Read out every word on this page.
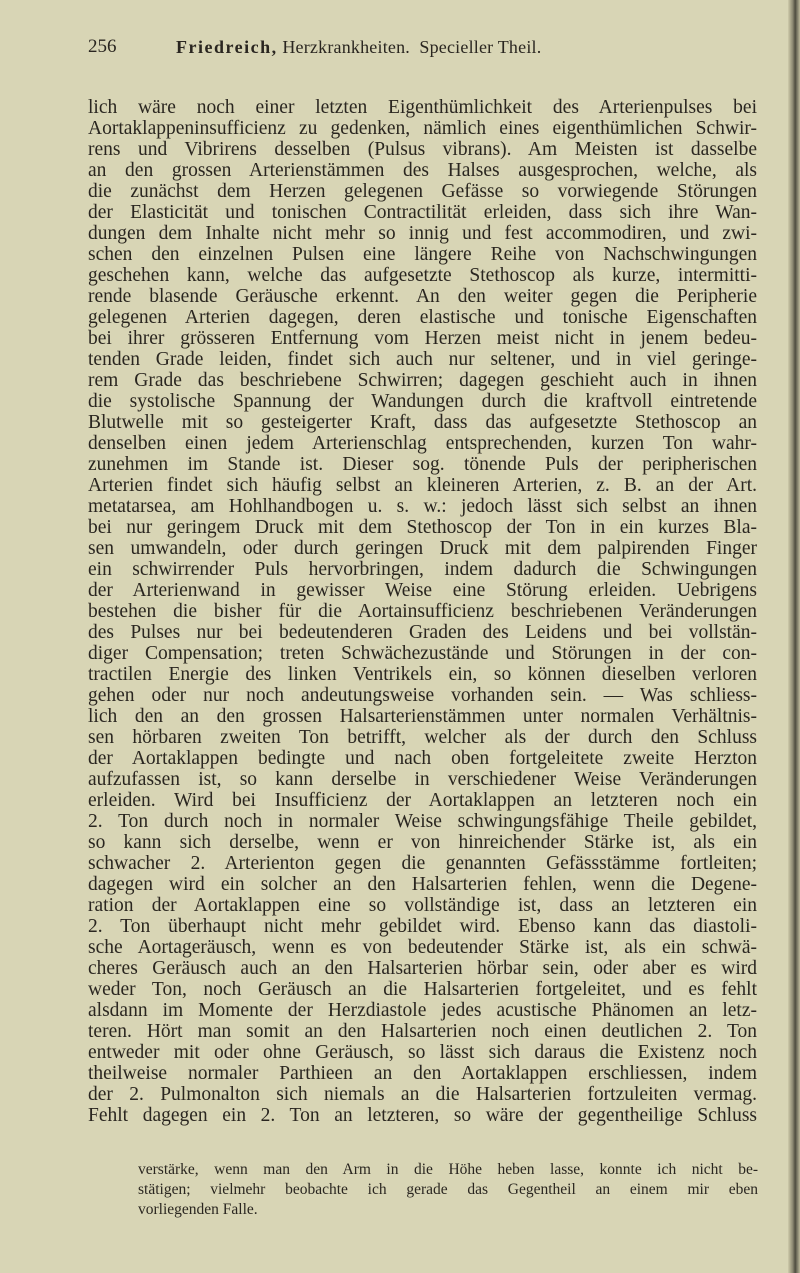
256	Friedreich, Herzkrankheiten. Specieller Theil.
lich wäre noch einer letzten Eigenthümlichkeit des Arterienpulses bei
Aortaklappeninsufficienz zu gedenken, nämlich eines eigenthümlichen Schwir-
rens und Vibrirens desselben (Pulsus vibrans). Am Meisten ist dasselbe
an den grossen Arterienstämmen des Halses ausgesprochen, welche, als
die zunächst dem Herzen gelegenen Gefässe so vorwiegende Störungen
der Elasticität und tonischen Contractilität erleiden, dass sich ihre Wan-
dungen dem Inhalte nicht mehr so innig und fest accommodiren, und zwi-
schen den einzelnen Pulsen eine längere Reihe von Nachschwingungen
geschehen kann, welche das aufgesetzte Stethoscop als kurze, intermitti-
rende blasende Geräusche erkennt. An den weiter gegen die Peripherie
gelegenen Arterien dagegen, deren elastische und tonische Eigenschaften
bei ihrer grösseren Entfernung vom Herzen meist nicht in jenem bedeu-
tenden Grade leiden, findet sich auch nur seltener, und in viel geringe-
rem Grade das beschriebene Schwirren; dagegen geschieht auch in ihnen
die systolische Spannung der Wandungen durch die kraftvoll eintretende
Blutwelle mit so gesteigerter Kraft, dass das aufgesetzte Stethoscop an
denselben einen jedem Arterienschlag entsprechenden, kurzen Ton wahr-
zunehmen im Stande ist. Dieser sog. tönende Puls der peripherischen
Arterien findet sich häufig selbst an kleineren Arterien, z. B. an der Art.
metatarsea, am Hohlhandbogen u. s. w.: jedoch lässt sich selbst an ihnen
bei nur geringem Druck mit dem Stethoscop der Ton in ein kurzes Bla-
sen umwandeln, oder durch geringen Druck mit dem palpirenden Finger
ein schwirrender Puls hervorbringen, indem dadurch die Schwingungen
der Arterienwand in gewisser Weise eine Störung erleiden. Uebrigens
bestehen die bisher für die Aortainsufficienz beschriebenen Veränderungen
des Pulses nur bei bedeutenderen Graden des Leidens und bei vollstän-
diger Compensation; treten Schwächezustände und Störungen in der con-
tractilen Energie des linken Ventrikels ein, so können dieselben verloren
gehen oder nur noch andeutungsweise vorhanden sein. — Was schliess-
lich den an den grossen Halsarterienstämmen unter normalen Verhältnis-
sen hörbaren zweiten Ton betrifft, welcher als der durch den Schluss
der Aortaklappen bedingte und nach oben fortgeleitete zweite Herzton
aufzufassen ist, so kann derselbe in verschiedener Weise Veränderungen
erleiden. Wird bei Insufficienz der Aortaklappen an letzteren noch ein
2. Ton durch noch in normaler Weise schwingungsfähige Theile gebildet,
so kann sich derselbe, wenn er von hinreichender Stärke ist, als ein
schwacher 2. Arterienton gegen die genannten Gefässstämme fortleiten;
dagegen wird ein solcher an den Halsarterien fehlen, wenn die Degene-
ration der Aortaklappen eine so vollständige ist, dass an letzteren ein
2. Ton überhaupt nicht mehr gebildet wird. Ebenso kann das diastoli-
sche Aortageräusch, wenn es von bedeutender Stärke ist, als ein schwä-
cheres Geräusch auch an den Halsarterien hörbar sein, oder aber es wird
weder Ton, noch Geräusch an die Halsarterien fortgeleitet, und es fehlt
alsdann im Momente der Herzdiastole jedes acustische Phänomen an letz-
teren. Hört man somit an den Halsarterien noch einen deutlichen 2. Ton
entweder mit oder ohne Geräusch, so lässt sich daraus die Existenz noch
theilweise normaler Parthieen an den Aortaklappen erschliessen, indem
der 2. Pulmonalton sich niemals an die Halsarterien fortzuleiten vermag.
Fehlt dagegen ein 2. Ton an letzteren, so wäre der gegentheilige Schluss
verstärke, wenn man den Arm in die Höhe heben lasse, konnte ich nicht be-
stätigen; vielmehr beobachte ich gerade das Gegentheil an einem mir eben
vorliegenden Falle.
